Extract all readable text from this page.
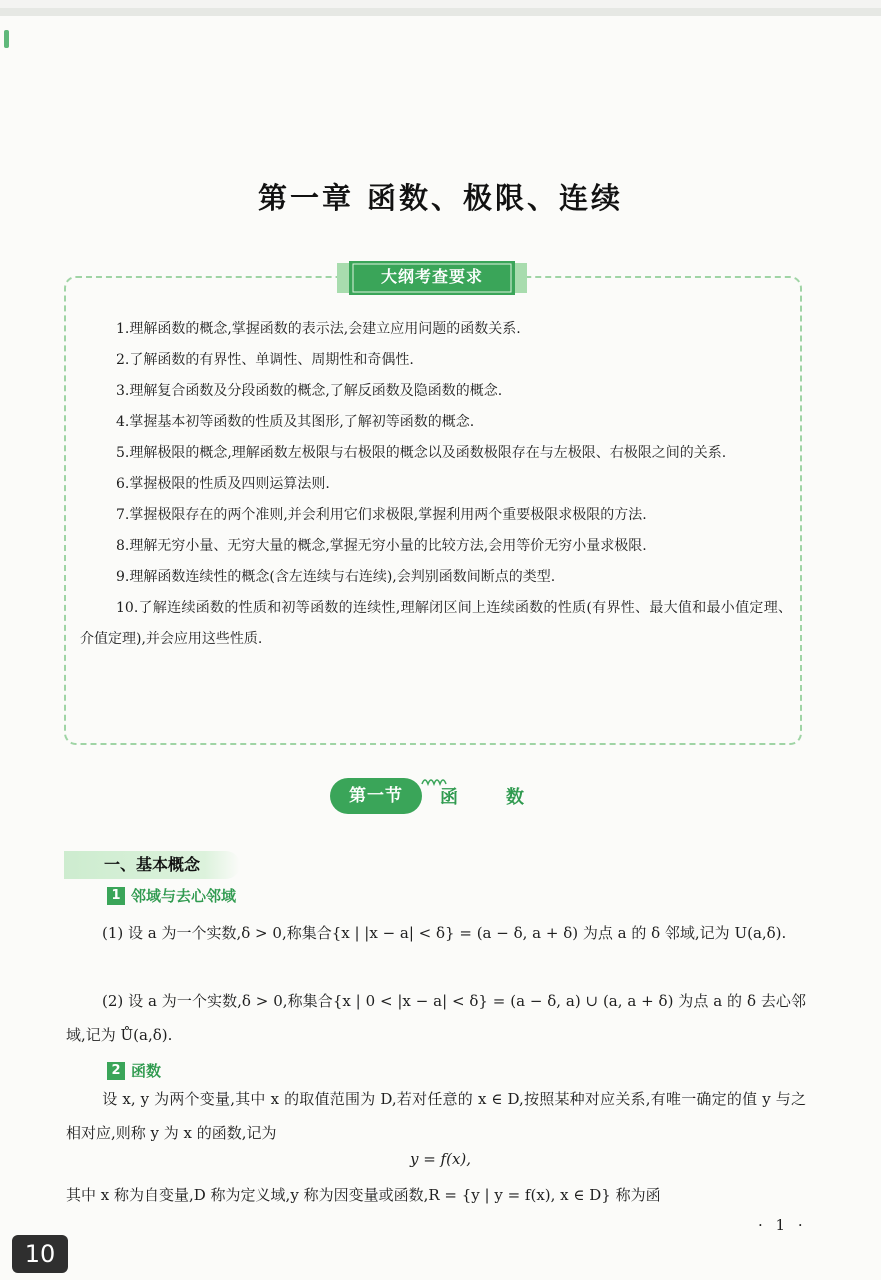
第一章 函数、极限、连续
大纲考查要求

1.理解函数的概念,掌握函数的表示法,会建立应用问题的函数关系.

2.了解函数的有界性、单调性、周期性和奇偶性.

3.理解复合函数及分段函数的概念,了解反函数及隐函数的概念.

4.掌握基本初等函数的性质及其图形,了解初等函数的概念.

5.理解极限的概念,理解函数左极限与右极限的概念以及函数极限存在与左极限、右极限之间的关系.

6.掌握极限的性质及四则运算法则.

7.掌握极限存在的两个准则,并会利用它们求极限,掌握利用两个重要极限求极限的方法.

8.理解无穷小量、无穷大量的概念,掌握无穷小量的比较方法,会用等价无穷小量求极限.

9.理解函数连续性的概念(含左连续与右连续),会判别函数间断点的类型.

10.了解连续函数的性质和初等函数的连续性,理解闭区间上连续函数的性质(有界性、最大值和最小值定理、介值定理),并会应用这些性质.

第一节	函数
一、基本概念
1 邻域与去心邻域

(1) 设 a 为一个实数,δ > 0,称集合{x | |x − a| < δ} = (a − δ, a + δ) 为点 a 的 δ 邻域,记为 U(a,δ).

(2) 设 a 为一个实数,δ > 0,称集合{x | 0 < |x − a| < δ} = (a − δ, a) ∪ (a, a + δ) 为点 a 的 δ 去心邻域,记为 Ů(a,δ).

2 函数

设 x, y 为两个变量,其中 x 的取值范围为 D,若对任意的 x ∈ D,按照某种对应关系,有唯一确定的值 y 与之相对应,则称 y 为 x 的函数,记为

y = f(x),

其中 x 称为自变量,D 称为定义域,y 称为因变量或函数,R = {y | y = f(x), x ∈ D} 称为函

· 1 ·
10
